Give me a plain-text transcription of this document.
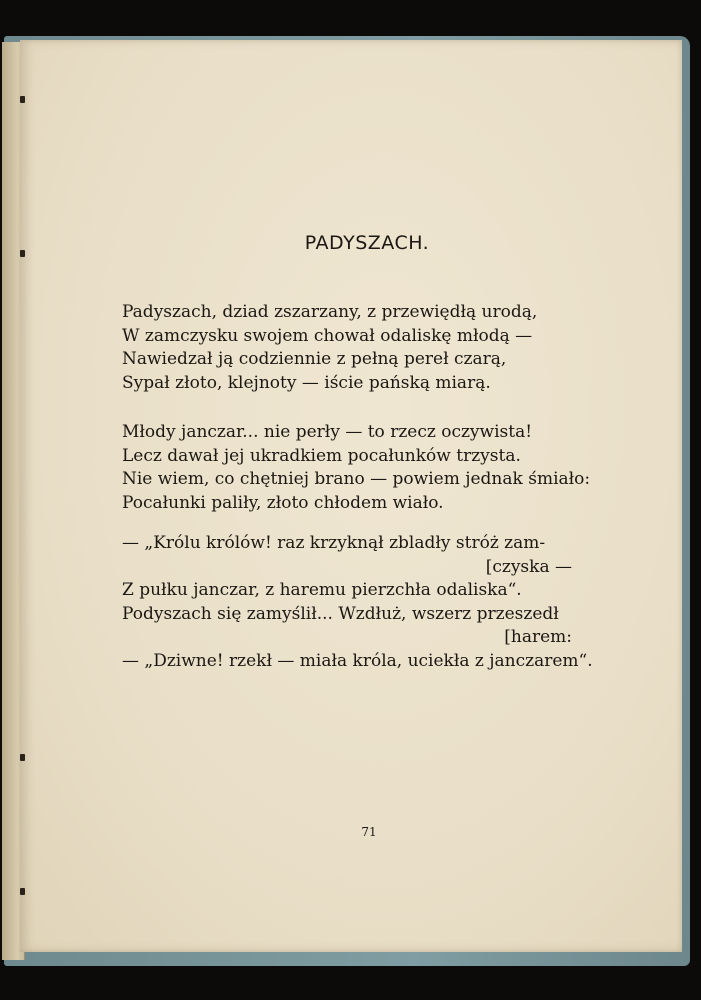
PADYSZACH.
Padyszach, dziad zszarzany, z przewiędłą urodą,
W zamczysku swojem chował odaliskę młodą —
Nawiedzał ją codziennie z pełną pereł czarą,
Sypał złoto, klejnoty — iście pańską miarą.
Młody janczar... nie perły — to rzecz oczywista!
Lecz dawał jej ukradkiem pocałunków trzysta.
Nie wiem, co chętniej brano — powiem jednak śmiało:
Pocałunki paliły, złoto chłodem wiało.
— „Królu królów! raz krzyknął zbladły stróż zam-
[czyska —
Z pułku janczar, z haremu pierzchła odaliska“.
Podyszach się zamyślił... Wzdłuż, wszerz przeszedł
[harem:
— „Dziwne! rzekł — miała króla, uciekła z janczarem“.
71
